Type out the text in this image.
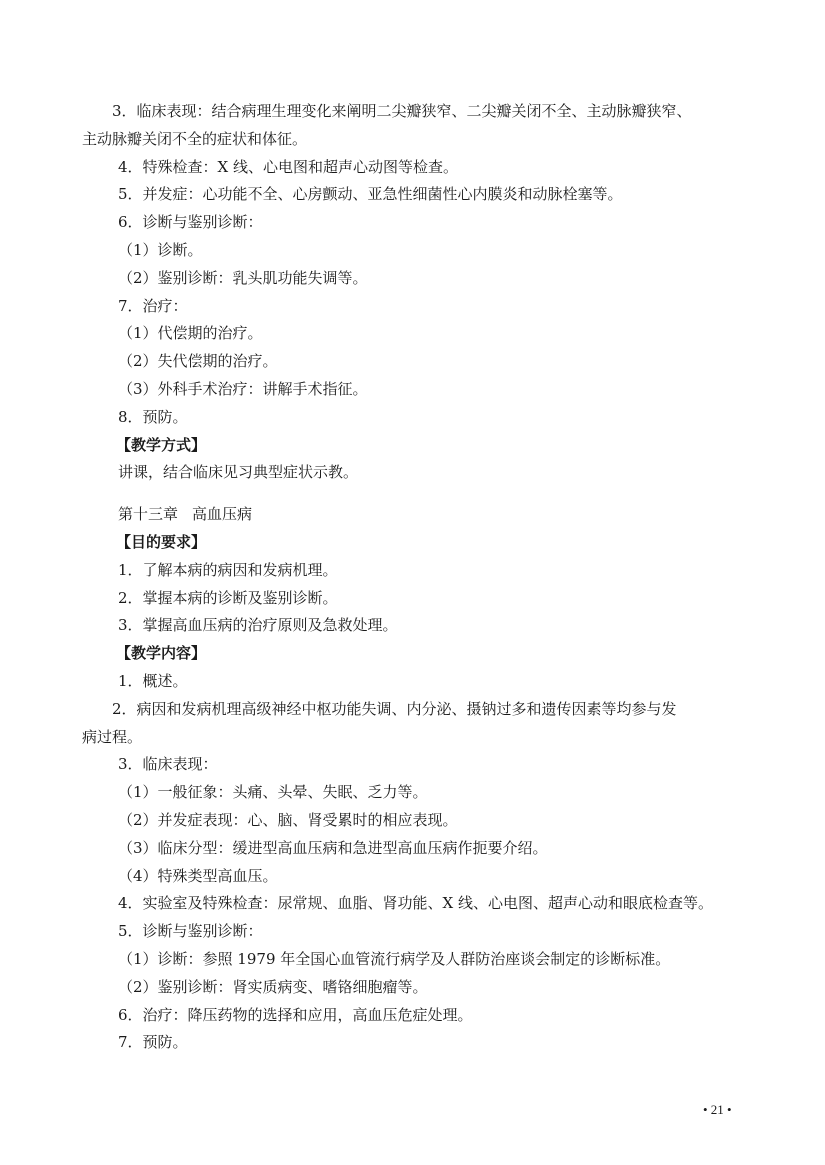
3．临床表现：结合病理生理变化来阐明二尖瓣狭窄、二尖瓣关闭不全、主动脉瓣狭窄、

主动脉瓣关闭不全的症状和体征。

4．特殊检查：X 线、心电图和超声心动图等检查。

5．并发症：心功能不全、心房颤动、亚急性细菌性心内膜炎和动脉栓塞等。

6．诊断与鉴别诊断：

（1）诊断。

（2）鉴别诊断：乳头肌功能失调等。

7．治疗：

（1）代偿期的治疗。

（2）失代偿期的治疗。

（3）外科手术治疗：讲解手术指征。

8．预防。

【教学方式】

讲课，结合临床见习典型症状示教。

第十三章 高血压病

【目的要求】

1．了解本病的病因和发病机理。

2．掌握本病的诊断及鉴别诊断。

3．掌握高血压病的治疗原则及急救处理。

【教学内容】

1．概述。

2．病因和发病机理高级神经中枢功能失调、内分泌、摄钠过多和遗传因素等均参与发

病过程。

3．临床表现：

（1）一般征象：头痛、头晕、失眠、乏力等。

（2）并发症表现：心、脑、肾受累时的相应表现。

（3）临床分型：缓进型高血压病和急进型高血压病作扼要介绍。

（4）特殊类型高血压。

4．实验室及特殊检查：尿常规、血脂、肾功能、X 线、心电图、超声心动和眼底检查等。

5．诊断与鉴别诊断：

（1）诊断：参照 1979 年全国心血管流行病学及人群防治座谈会制定的诊断标准。

（2）鉴别诊断：肾实质病变、嗜铬细胞瘤等。

6．治疗：降压药物的选择和应用，高血压危症处理。

7．预防。

• 21 •
